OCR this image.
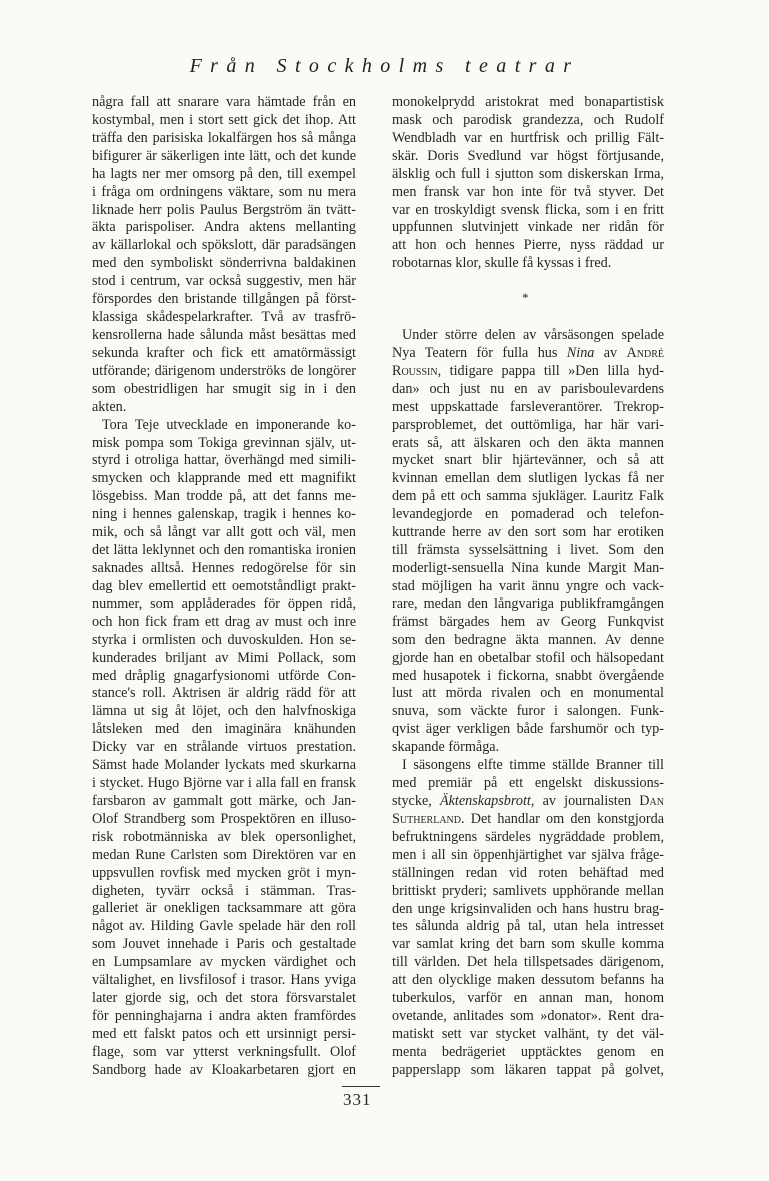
Från Stockholms teatrar
några fall att snarare vara hämtade från en
kostymbal, men i stort sett gick det ihop. Att
träffa den parisiska lokalfärgen hos så många
bifigurer är säkerligen inte lätt, och det kunde
ha lagts ner mer omsorg på den, till exempel
i fråga om ordningens väktare, som nu mera
liknade herr polis Paulus Bergström än tvätt-
äkta parispoliser. Andra aktens mellanting
av källarlokal och spökslott, där paradsängen
med den symboliskt sönderrivna baldakinen
stod i centrum, var också suggestiv, men här
förspordes den bristande tillgången på först-
klassiga skådespelarkrafter. Två av trasfrö-
kensrollerna hade sålunda måst besättas med
sekunda krafter och fick ett amatörmässigt
utförande; därigenom underströks de longörer
som obestridligen har smugit sig in i den
akten.
Tora Teje utvecklade en imponerande ko-
misk pompa som Tokiga grevinnan själv, ut-
styrd i otroliga hattar, överhängd med simili-
smycken och klapprande med ett magnifikt
lösgebiss. Man trodde på, att det fanns me-
ning i hennes galenskap, tragik i hennes ko-
mik, och så långt var allt gott och väl, men
det lätta leklynnet och den romantiska ironien
saknades alltså. Hennes redogörelse för sin
dag blev emellertid ett oemotståndligt prakt-
nummer, som applåderades för öppen ridå,
och hon fick fram ett drag av must och inre
styrka i ormlisten och duvoskulden. Hon se-
kunderades briljant av Mimi Pollack, som
med dråplig gnagarfysionomi utförde Con-
stance's roll. Aktrisen är aldrig rädd för att
lämna ut sig åt löjet, och den halvfnoskiga
låtsleken med den imaginära knähunden
Dicky var en strålande virtuos prestation.
Sämst hade Molander lyckats med skurkarna
i stycket. Hugo Björne var i alla fall en fransk
farsbaron av gammalt gott märke, och Jan-
Olof Strandberg som Prospektören en illuso-
risk robotmänniska av blek opersonlighet,
medan Rune Carlsten som Direktören var en
uppsvullen rovfisk med mycken gröt i myn-
digheten, tyvärr också i stämman. Tras-
galleriet är onekligen tacksammare att göra
något av. Hilding Gavle spelade här den roll
som Jouvet innehade i Paris och gestaltade
en Lumpsamlare av mycken värdighet och
vältalighet, en livsfilosof i trasor. Hans yviga
later gjorde sig, och det stora försvarstalet
för penninghajarna i andra akten framfördes
med ett falskt patos och ett ursinnigt persi-
flage, som var ytterst verkningsfullt. Olof
Sandborg hade av Kloakarbetaren gjort en
monokelprydd aristokrat med bonapartistisk
mask och parodisk grandezza, och Rudolf
Wendbladh var en hurtfrisk och prillig Fält-
skär. Doris Svedlund var högst förtjusande,
älsklig och full i sjutton som diskerskan Irma,
men fransk var hon inte för två styver. Det
var en troskyldigt svensk flicka, som i en fritt
uppfunnen slutvinjett vinkade ner ridån för
att hon och hennes Pierre, nyss räddad ur
robotarnas klor, skulle få kyssas i fred.
*
Under större delen av vårsäsongen spelade
Nya Teatern för fulla hus Nina av André
Roussin, tidigare pappa till »Den lilla hyd-
dan» och just nu en av parisboulevardens
mest uppskattade farsleverantörer. Trekrop-
parsproblemet, det outtömliga, har här vari-
erats så, att älskaren och den äkta mannen
mycket snart blir hjärtevänner, och så att
kvinnan emellan dem slutligen lyckas få ner
dem på ett och samma sjukläger. Lauritz Falk
levandegjorde en pomaderad och telefon-
kuttrande herre av den sort som har erotiken
till främsta sysselsättning i livet. Som den
moderligt-sensuella Nina kunde Margit Man-
stad möjligen ha varit ännu yngre och vack-
rare, medan den långvariga publikframgången
främst bärgades hem av Georg Funkqvist
som den bedragne äkta mannen. Av denne
gjorde han en obetalbar stofil och hälsopedant
med husapotek i fickorna, snabbt övergående
lust att mörda rivalen och en monumental
snuva, som väckte furor i salongen. Funk-
qvist äger verkligen både farshumör och typ-
skapande förmåga.
I säsongens elfte timme ställde Branner till
med premiär på ett engelskt diskussions-
stycke, Äktenskapsbrott, av journalisten Dan
Sutherland. Det handlar om den konstgjorda
befruktningens särdeles nygräddade problem,
men i all sin öppenhjärtighet var själva fråge-
ställningen redan vid roten behäftad med
brittiskt pryderi; samlivets upphörande mellan
den unge krigsinvaliden och hans hustru brag-
tes sålunda aldrig på tal, utan hela intresset
var samlat kring det barn som skulle komma
till världen. Det hela tillspetsades därigenom,
att den olycklige maken dessutom befanns ha
tuberkulos, varför en annan man, honom
ovetande, anlitades som »donator». Rent dra-
matiskt sett var stycket valhänt, ty det väl-
menta bedrägeriet upptäcktes genom en
papperslapp som läkaren tappat på golvet,
331
